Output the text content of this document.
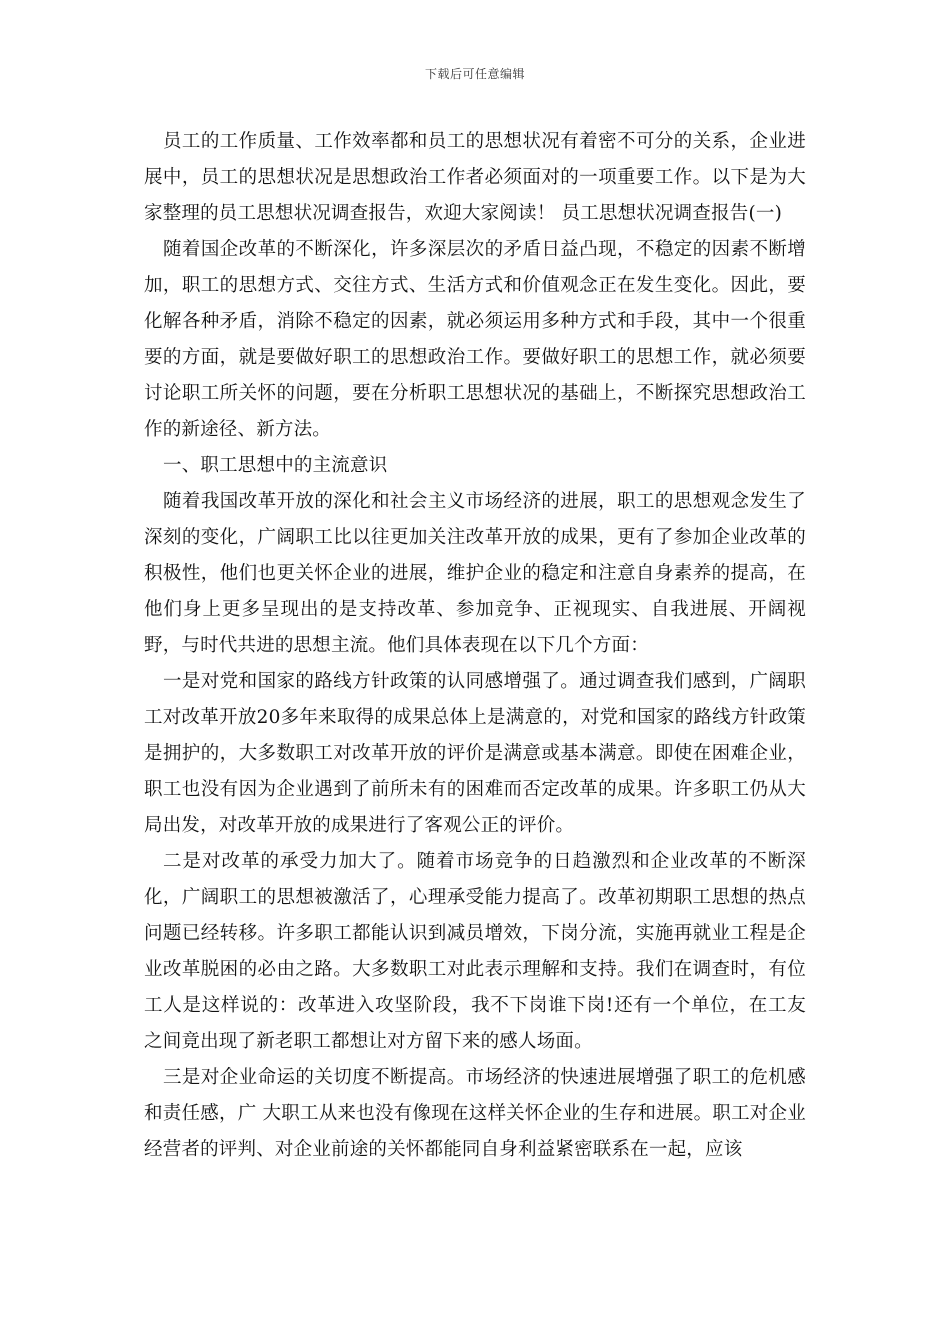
下载后可任意编辑

员工的工作质量、工作效率都和员工的思想状况有着密不可分的关系，企业进展中，员工的思想状况是思想政治工作者必须面对的一项重要工作。以下是为大家整理的员工思想状况调查报告，欢迎大家阅读！ 员工思想状况调查报告(一)

随着国企改革的不断深化，许多深层次的矛盾日益凸现，不稳定的因素不断增加，职工的思想方式、交往方式、生活方式和价值观念正在发生变化。因此，要化解各种矛盾，消除不稳定的因素，就必须运用多种方式和手段，其中一个很重要的方面，就是要做好职工的思想政治工作。要做好职工的思想工作，就必须要讨论职工所关怀的问题，要在分析职工思想状况的基础上，不断探究思想政治工作的新途径、新方法。

一、职工思想中的主流意识

随着我国改革开放的深化和社会主义市场经济的进展，职工的思想观念发生了深刻的变化，广阔职工比以往更加关注改革开放的成果，更有了参加企业改革的积极性，他们也更关怀企业的进展，维护企业的稳定和注意自身素养的提高，在他们身上更多呈现出的是支持改革、参加竞争、正视现实、自我进展、开阔视野，与时代共进的思想主流。他们具体表现在以下几个方面：

一是对党和国家的路线方针政策的认同感增强了。通过调查我们感到，广阔职工对改革开放20多年来取得的成果总体上是满意的，对党和国家的路线方针政策是拥护的，大多数职工对改革开放的评价是满意或基本满意。即使在困难企业，职工也没有因为企业遇到了前所未有的困难而否定改革的成果。许多职工仍从大局出发，对改革开放的成果进行了客观公正的评价。

二是对改革的承受力加大了。随着市场竞争的日趋激烈和企业改革的不断深化，广阔职工的思想被激活了，心理承受能力提高了。改革初期职工思想的热点问题已经转移。许多职工都能认识到减员增效，下岗分流，实施再就业工程是企业改革脱困的必由之路。大多数职工对此表示理解和支持。我们在调查时，有位工人是这样说的：改革进入攻坚阶段，我不下岗谁下岗!还有一个单位，在工友之间竟出现了新老职工都想让对方留下来的感人场面。

三是对企业命运的关切度不断提高。市场经济的快速进展增强了职工的危机感和责任感，广 大职工从来也没有像现在这样关怀企业的生存和进展。职工对企业经营者的评判、对企业前途的关怀都能同自身利益紧密联系在一起，应该
